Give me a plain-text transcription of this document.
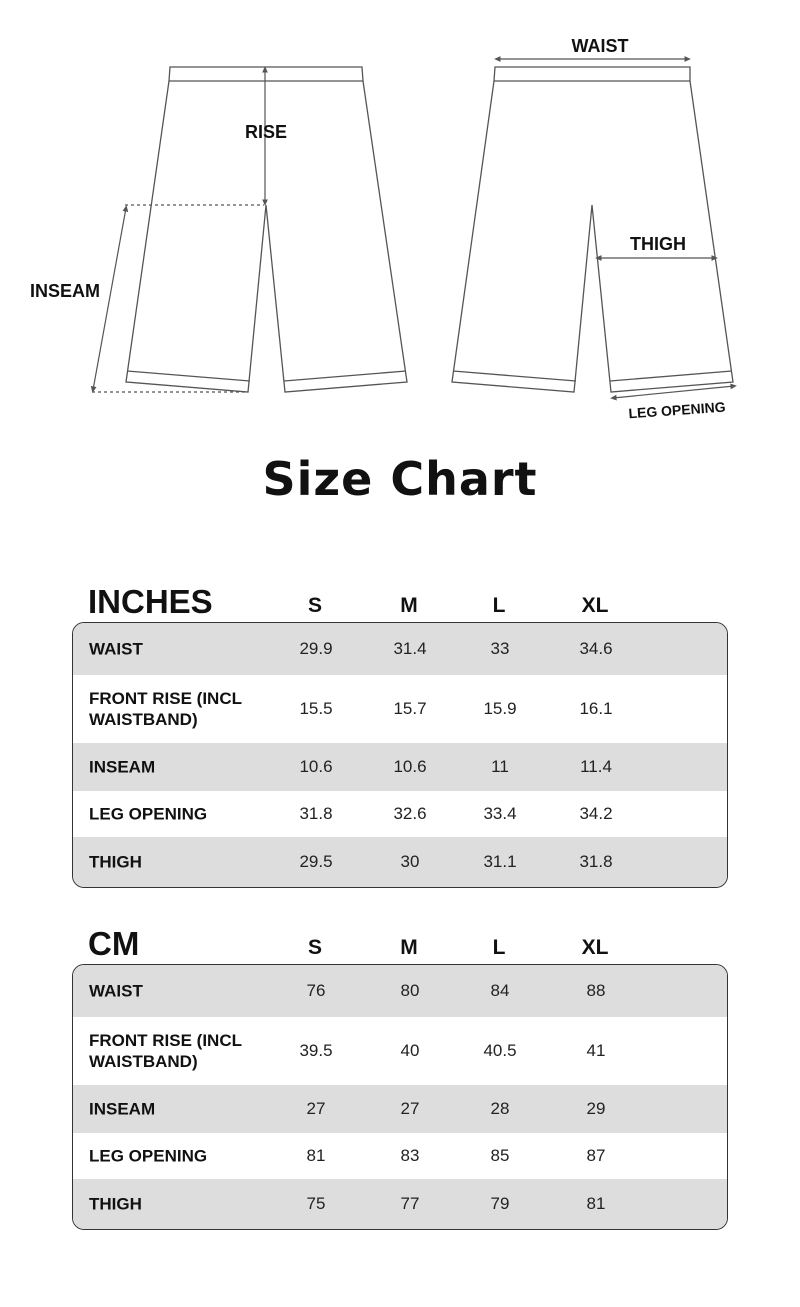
RISE
INSEAM
WAIST
THIGH
LEG OPENING
Size Chart
INCHES	S	M	L	XL
WAIST	29.9	31.4	33	34.6
FRONT RISE (INCL WAISTBAND)
15.5	15.7	15.9	16.1
INSEAM	10.6	10.6	11	11.4
LEG OPENING	31.8	32.6	33.4	34.2
THIGH	29.5	30	31.1	31.8
CM	S	M	L	XL
WAIST	76	80	84	88
FRONT RISE (INCL WAISTBAND)
39.5	40	40.5	41
INSEAM	27	27	28	29
LEG OPENING	81	83	85	87
THIGH	75	77	79	81
